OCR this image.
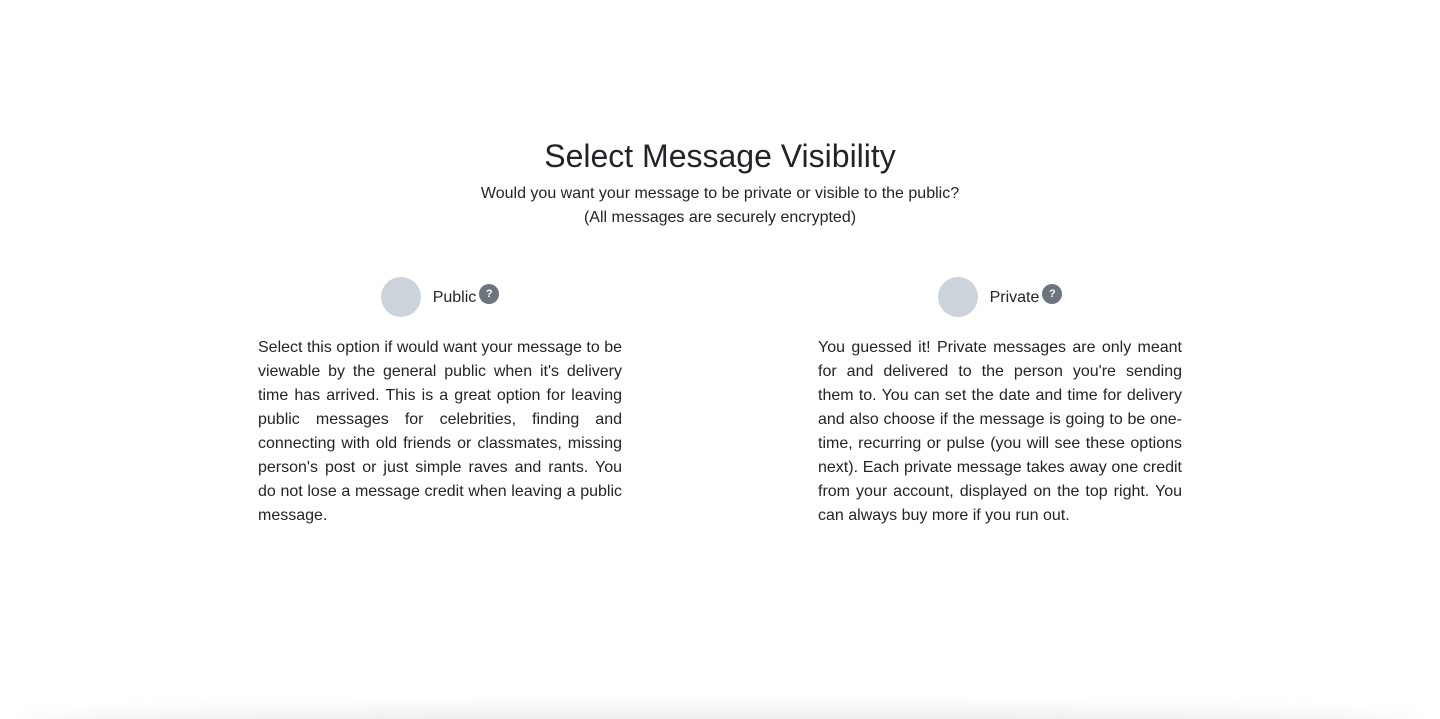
Select Message Visibility

Would you want your message to be private or visible to the public?
(All messages are securely encrypted)

Public ?

Select this option if would want your message to be viewable by the general public when it's delivery time has arrived. This is a great option for leaving public messages for celebrities, finding and connecting with old friends or classmates, missing person's post or just simple raves and rants. You do not lose a message credit when leaving a public message.

Private ?

You guessed it! Private messages are only meant for and delivered to the person you're sending them to. You can set the date and time for delivery and also choose if the message is going to be one-time, recurring or pulse (you will see these options next). Each private message takes away one credit from your account, displayed on the top right. You can always buy more if you run out.
